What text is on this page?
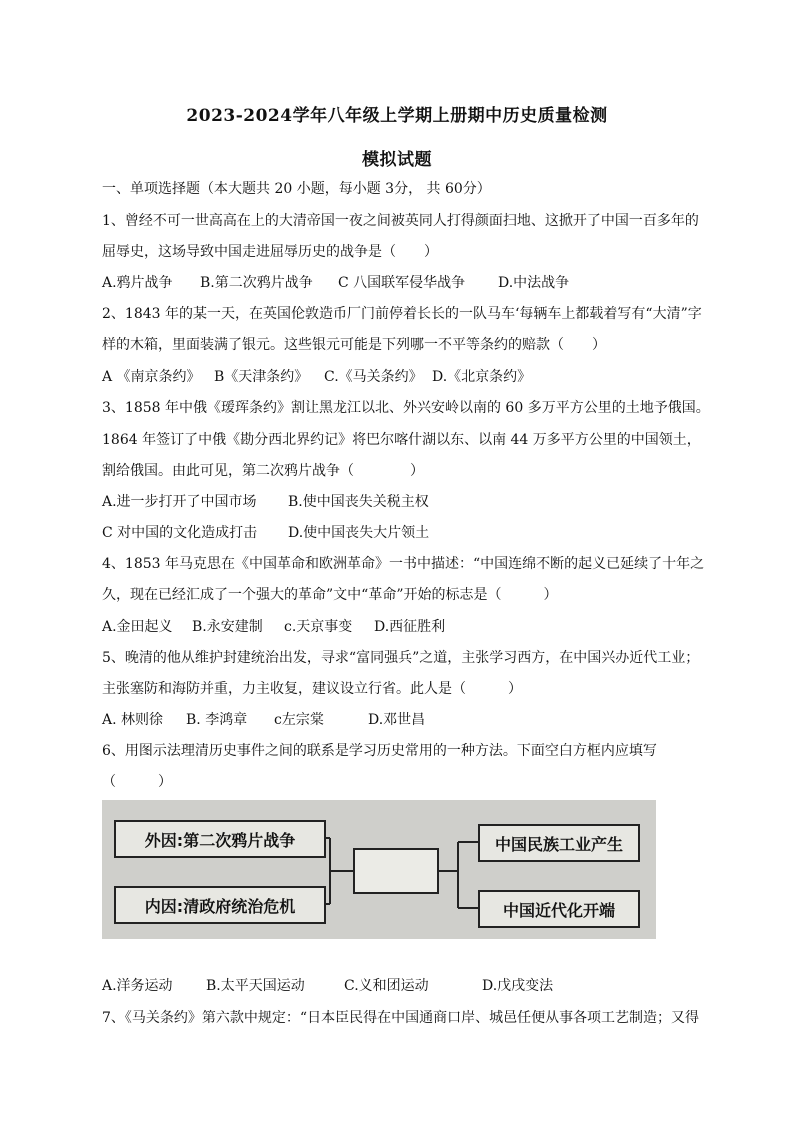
2023-2024学年八年级上学期上册期中历史质量检测
模拟试题
一、单项选择题（本大题共 20 小题，每小题 3分， 共 60分）
1、曾经不可一世高高在上的大清帝国一夜之间被英同人打得颜面扫地、这掀开了中国一百多年的
屈辱史，这场导致中国走进屈辱历史的战争是（　　）
A.鸦片战争 B.第二次鸦片战争 C 八国联军侵华战争 D.中法战争
2、1843 年的某一天，在英国伦敦造币厂门前停着长长的一队马车‘每辆车上都载着写有“大清”字
样的木箱，里面装满了银元。这些银元可能是下列哪一不平等条约的赔款（　　）
A 《南京条约》 B《天津条约》 C.《马关条约》 D.《北京条约》
3、1858 年中俄《瑷珲条约》割让黑龙江以北、外兴安岭以南的 60 多万平方公里的土地予俄国。
1864 年签订了中俄《勘分西北界约记》将巴尔喀什湖以东、以南 44 万多平方公里的中国领土，
割给俄国。由此可见，第二次鸦片战争（　　　　）
A.进一步打开了中国市场 B.使中国丧失关税主权
C 对中国的文化造成打击 D.使中国丧失大片领土
4、1853 年马克思在《中国革命和欧洲革命》一书中描述：“中国连绵不断的起义已延续了十年之
久，现在已经汇成了一个强大的革命”文中“革命”开始的标志是（　　　）
A.金田起义 B.永安建制 c.天京事变 D.西征胜利
5、晚清的他从维护封建统治出发，寻求“富同强兵”之道，主张学习西方，在中国兴办近代工业；
主张塞防和海防并重，力主收复，建议设立行省。此人是（　　　）
A. 林则徐 B. 李鸿章 c左宗棠	D.邓世昌
6、用图示法理清历史事件之间的联系是学习历史常用的一种方法。下面空白方框内应填写
（　　　）
外因:第二次鸦片战争
内因:清政府统治危机
中国民族工业产生
中国近代化开端
A.洋务运动 B.太平天国运动	C.义和团运动	D.戊戌变法
7、《马关条约》第六款中规定：“日本臣民得在中国通商口岸、城邑任便从事各项工艺制造；又得
